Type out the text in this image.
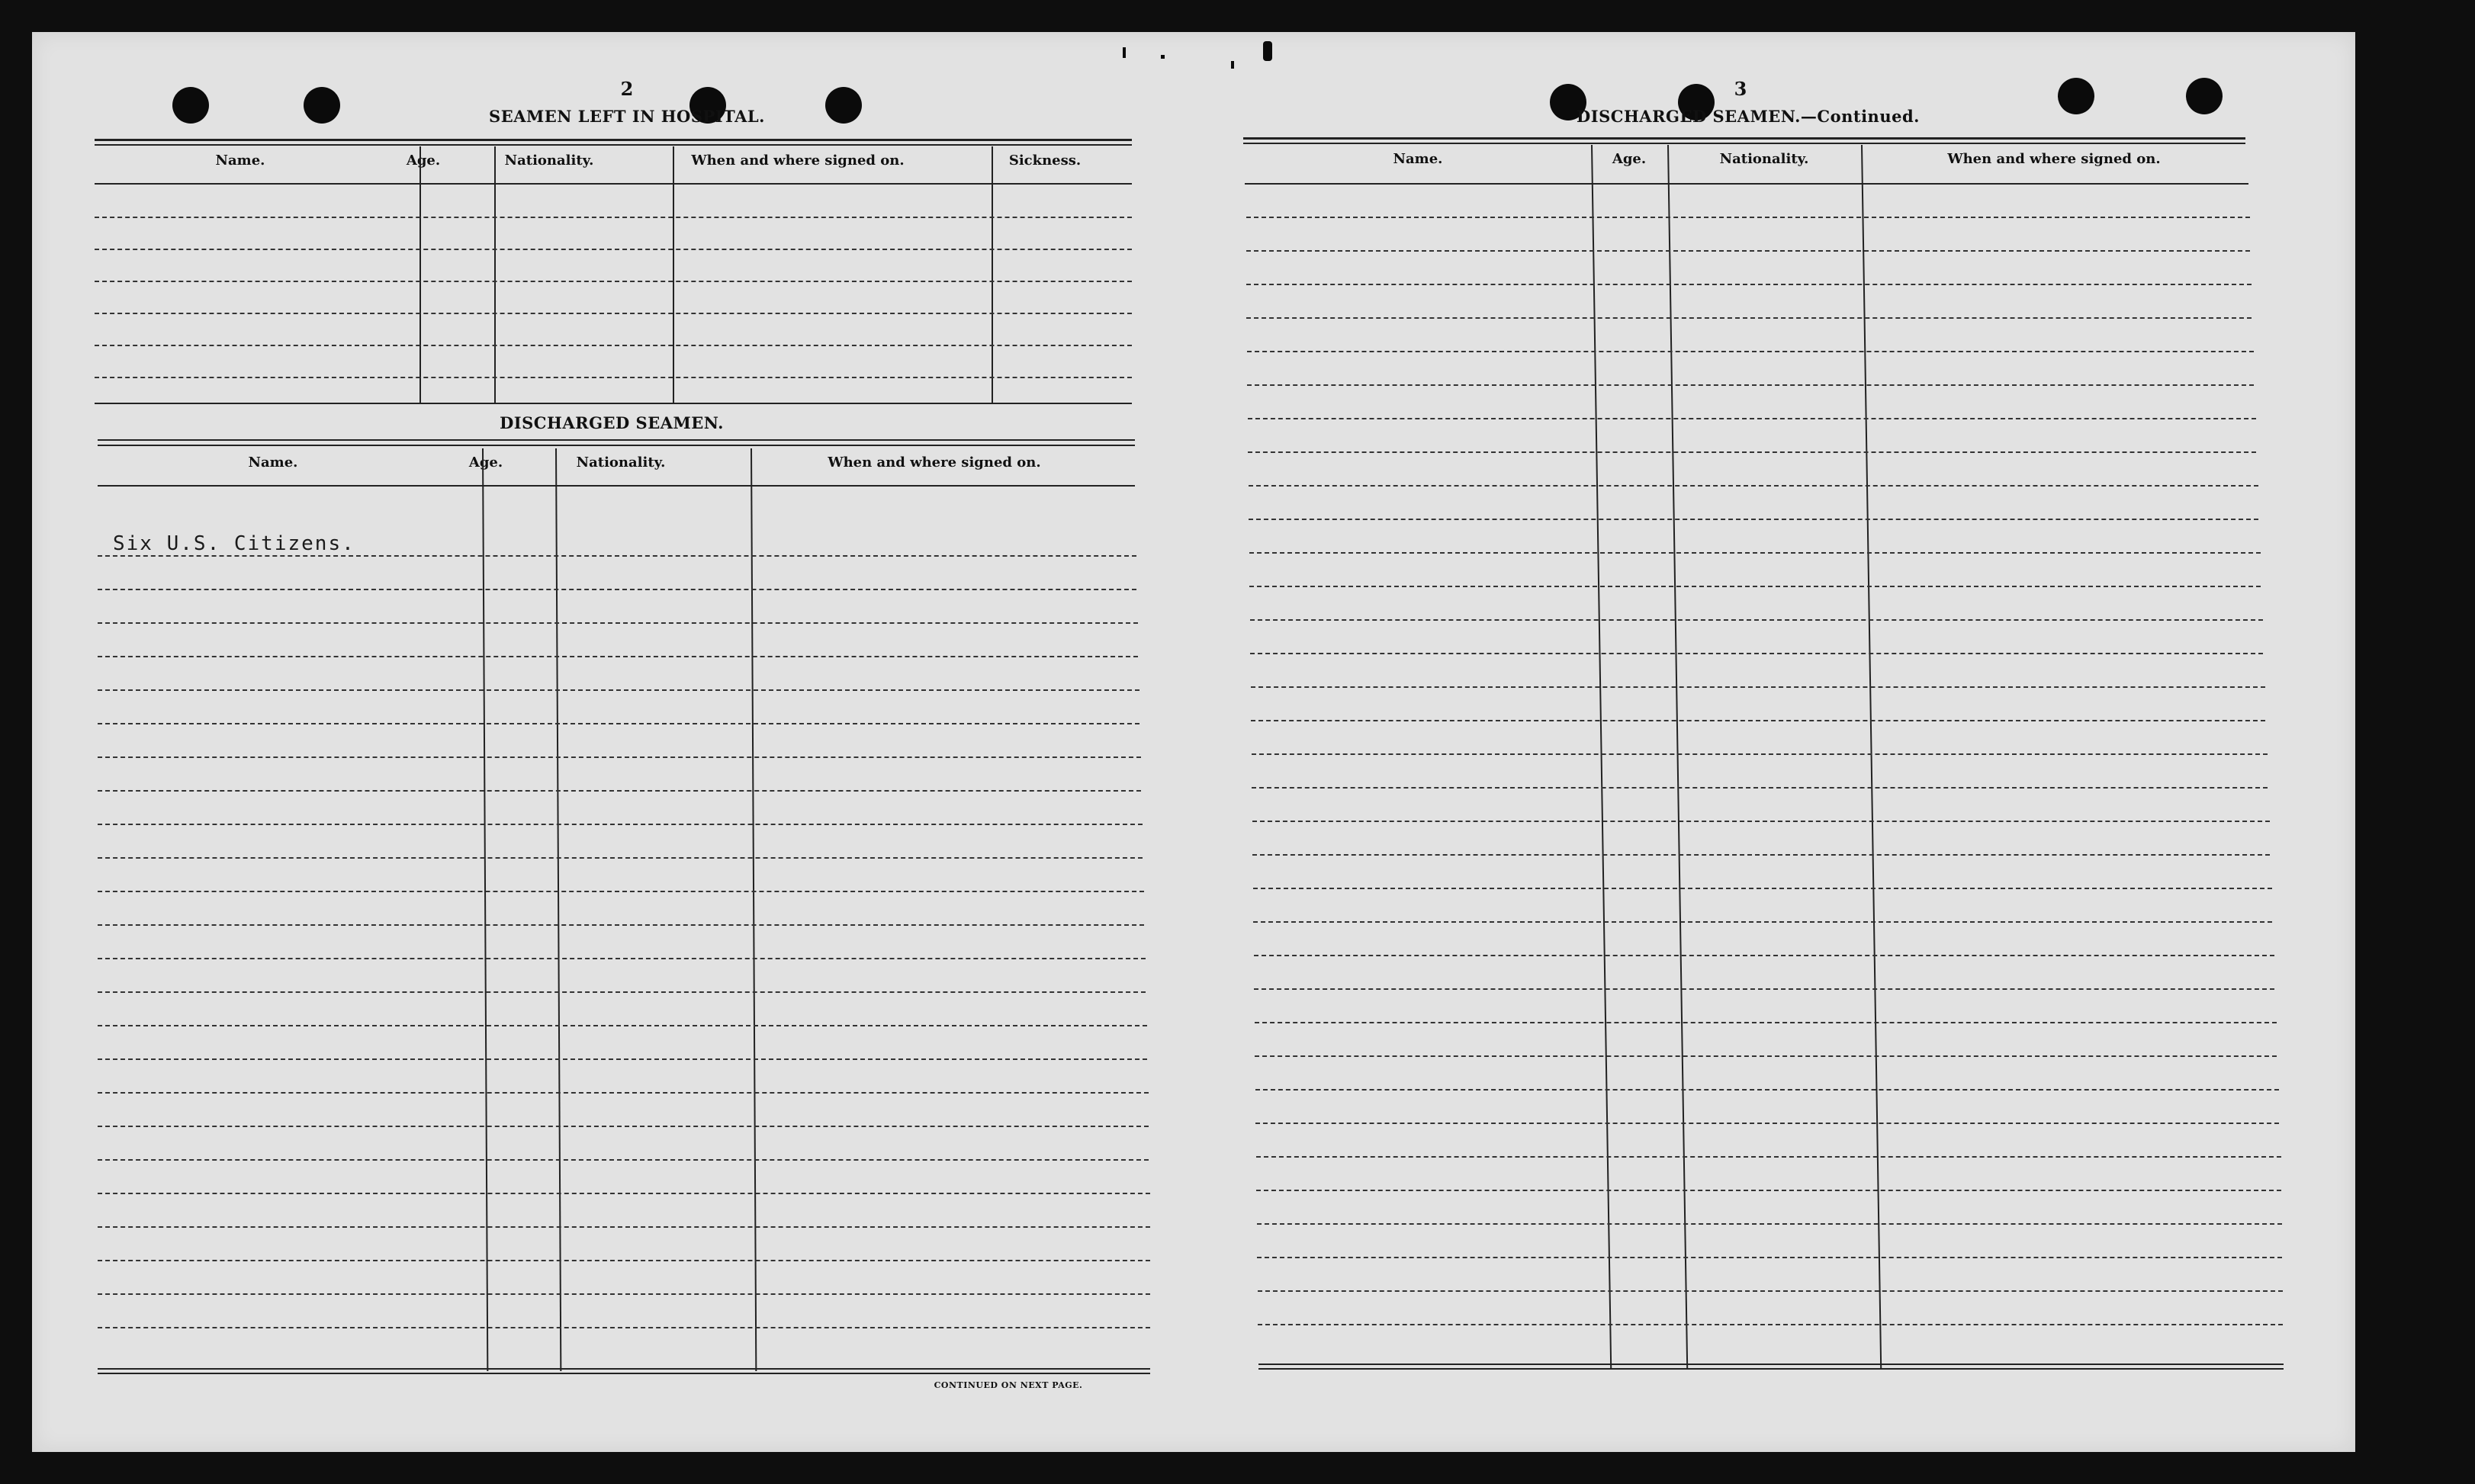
2
SEAMEN LEFT IN HOSPITAL.
Name.	Age.	Nationality.	When and where signed on.	Sickness.
DISCHARGED SEAMEN.
Name.	Age.	Nationality.	When and where signed on.
Six U.S. Citizens.
CONTINUED ON NEXT PAGE.
3
DISCHARGED SEAMEN.—Continued.
Name.	Age.	Nationality.	When and where signed on.
